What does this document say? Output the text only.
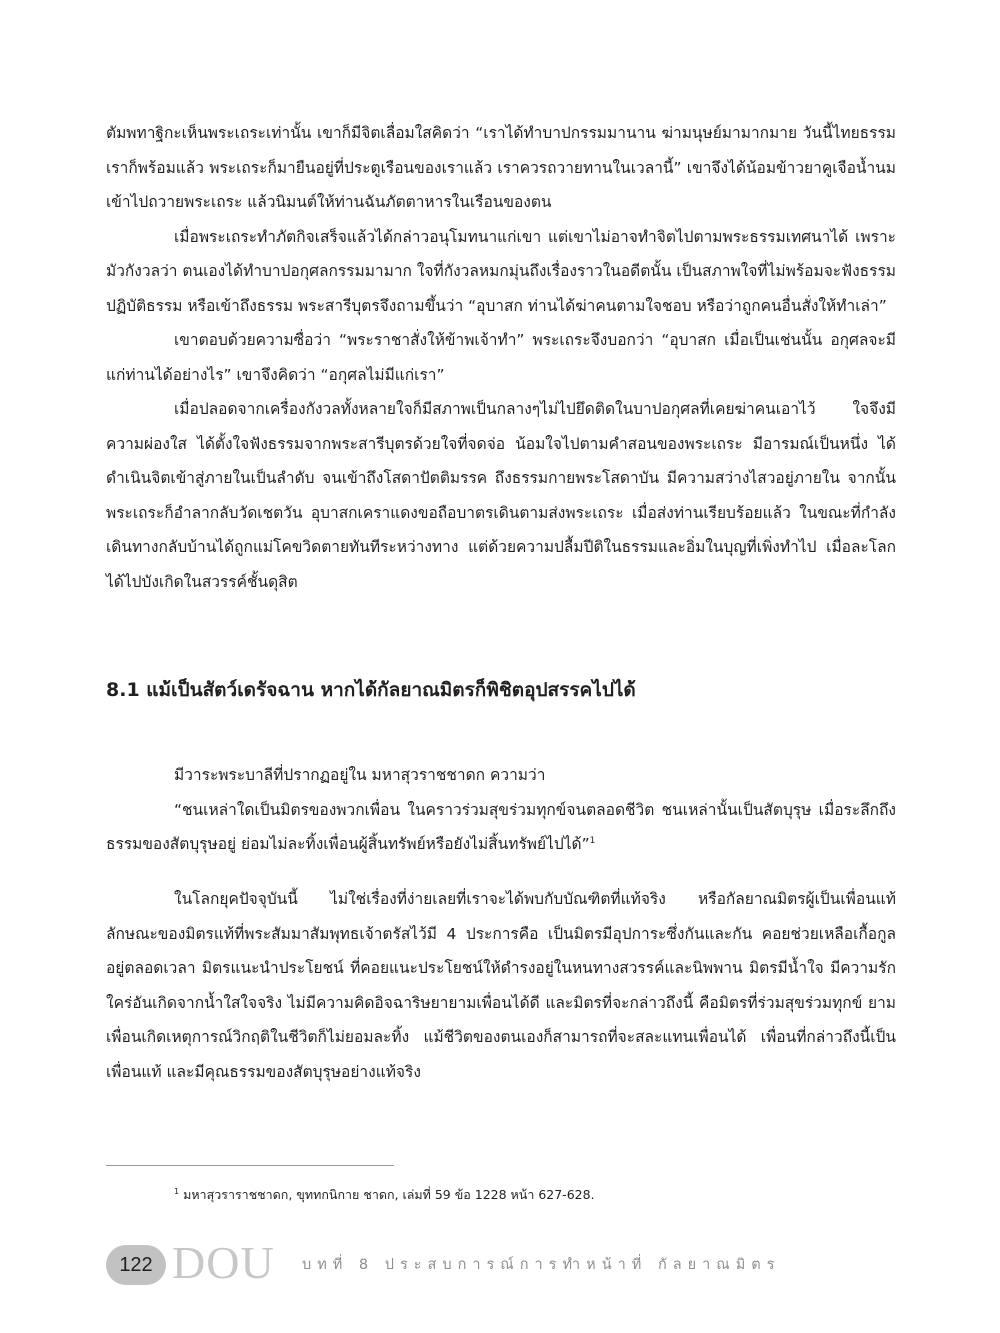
ตัมพทาฐิกะเห็นพระเถระเท่านั้น เขาก็มีจิตเลื่อมใสคิดว่า “เราได้ทำบาปกรรมมานาน ฆ่ามนุษย์มามากมาย วันนี้ไทยธรรมเราก็พร้อมแล้ว พระเถระก็มายืนอยู่ที่ประตูเรือนของเราแล้ว เราควรถวายทานในเวลานี้” เขาจึงได้น้อมข้าวยาคูเจือน้ำนมเข้าไปถวายพระเถระ แล้วนิมนต์ให้ท่านฉันภัตตาหารในเรือนของตน

เมื่อพระเถระทำภัตกิจเสร็จแล้วได้กล่าวอนุโมทนาแก่เขา แต่เขาไม่อาจทำจิตไปตามพระธรรมเทศนาได้ เพราะมัวกังวลว่า ตนเองได้ทำบาปอกุศลกรรมมามาก ใจที่กังวลหมกมุ่นถึงเรื่องราวในอดีตนั้น เป็นสภาพใจที่ไม่พร้อมจะฟังธรรม ปฏิบัติธรรม หรือเข้าถึงธรรม พระสารีบุตรจึงถามขึ้นว่า “อุบาสก ท่านได้ฆ่าคนตามใจชอบ หรือว่าถูกคนอื่นสั่งให้ทำเล่า”

เขาตอบด้วยความซื่อว่า “พระราชาสั่งให้ข้าพเจ้าทำ” พระเถระจึงบอกว่า “อุบาสก เมื่อเป็นเช่นนั้น อกุศลจะมีแก่ท่านได้อย่างไร” เขาจึงคิดว่า “อกุศลไม่มีแก่เรา”

เมื่อปลอดจากเครื่องกังวลทั้งหลายใจก็มีสภาพเป็นกลางๆไม่ไปยึดติดในบาปอกุศลที่เคยฆ่าคนเอาไว้ ใจจึงมีความผ่องใส ได้ตั้งใจฟังธรรมจากพระสารีบุตรด้วยใจที่จดจ่อ น้อมใจไปตามคำสอนของพระเถระ มีอารมณ์เป็นหนึ่ง ได้ดำเนินจิตเข้าสู่ภายในเป็นลำดับ จนเข้าถึงโสดาปัตติมรรค ถึงธรรมกายพระโสดาบัน มีความสว่างไสวอยู่ภายใน จากนั้นพระเถระก็อำลากลับวัดเชตวัน อุบาสกเคราแดงขอถือบาตรเดินตามส่งพระเถระ เมื่อส่งท่านเรียบร้อยแล้ว ในขณะที่กำลังเดินทางกลับบ้านได้ถูกแม่โคขวิดตายทันทีระหว่างทาง แต่ด้วยความปลื้มปีติในธรรมและอิ่มในบุญที่เพิ่งทำไป เมื่อละโลกได้ไปบังเกิดในสวรรค์ชั้นดุสิต

8.1 แม้เป็นสัตว์เดรัจฉาน หากได้กัลยาณมิตรก็พิชิตอุปสรรคไปได้

มีวาระพระบาลีที่ปรากฏอยู่ใน มหาสุวราชชาดก ความว่า

“ชนเหล่าใดเป็นมิตรของพวกเพื่อน ในคราวร่วมสุขร่วมทุกข์จนตลอดชีวิต ชนเหล่านั้นเป็นสัตบุรุษ เมื่อระลึกถึงธรรมของสัตบุรุษอยู่ ย่อมไม่ละทิ้งเพื่อนผู้สิ้นทรัพย์หรือยังไม่สิ้นทรัพย์ไปได้”$^1$

ในโลกยุคปัจจุบันนี้ ไม่ใช่เรื่องที่ง่ายเลยที่เราจะได้พบกับบัณฑิตที่แท้จริง หรือกัลยาณมิตรผู้เป็นเพื่อนแท้ ลักษณะของมิตรแท้ที่พระสัมมาสัมพุทธเจ้าตรัสไว้มี 4 ประการคือ เป็นมิตรมีอุปการะซึ่งกันและกัน คอยช่วยเหลือเกื้อกูลอยู่ตลอดเวลา มิตรแนะนำประโยชน์ ที่คอยแนะประโยชน์ให้ดำรงอยู่ในหนทางสวรรค์และนิพพาน มิตรมีน้ำใจ มีความรักใคร่อันเกิดจากน้ำใสใจจริง ไม่มีความคิดอิจฉาริษยายามเพื่อนได้ดี และมิตรที่จะกล่าวถึงนี้ คือมิตรที่ร่วมสุขร่วมทุกข์ ยามเพื่อนเกิดเหตุการณ์วิกฤติในชีวิตก็ไม่ยอมละทิ้ง แม้ชีวิตของตนเองก็สามารถที่จะสละแทนเพื่อนได้ เพื่อนที่กล่าวถึงนี้เป็นเพื่อนแท้ และมีคุณธรรมของสัตบุรุษอย่างแท้จริง

$^1$ มหาสุวราราชชาดก, ขุททกนิกาย ชาดก, เล่มที่ 59 ข้อ 1228 หน้า 627-628.
122 DOU บทที่ 8 ประสบการณ์การทำหน้าที่ กัลยาณมิตร
